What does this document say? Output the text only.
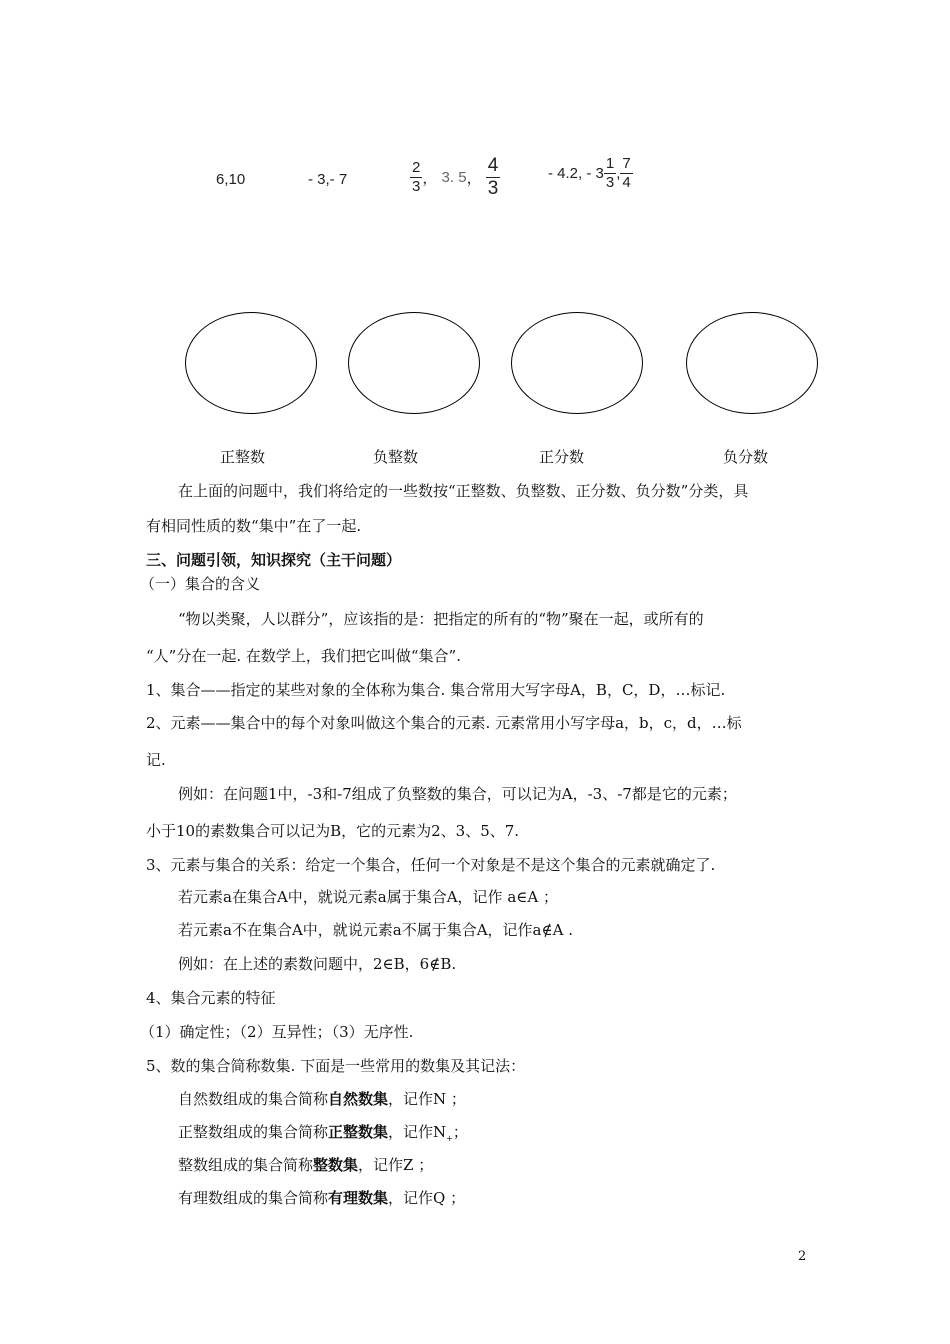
6,10	- 3,- 7	$\frac{2}{3}$ ， 3. 5， $\frac{4}{3}$	- 4.2, - $3 \frac{1}{3}$ , $\frac{7}{4}$
正整数	负整数	正分数	负分数
在上面的问题中，我们将给定的一些数按“正整数、负整数、正分数、负分数”分类，具
有相同性质的数“集中”在了一起.
三、问题引领，知识探究（主干问题）
（一）集合的含义
“物以类聚，人以群分”，应该指的是：把指定的所有的“物”聚在一起，或所有的
“人”分在一起. 在数学上，我们把它叫做“集合”.
1、集合——指定的某些对象的全体称为集合. 集合常用大写字母A，B，C，D，…标记.
2、元素——集合中的每个对象叫做这个集合的元素. 元素常用小写字母a，b，c，d，…标
记.
例如：在问题1中，-3和-7组成了负整数的集合，可以记为A，-3、-7都是它的元素；
小于10的素数集合可以记为B，它的元素为2、3、5、7.
3、元素与集合的关系：给定一个集合，任何一个对象是不是这个集合的元素就确定了.
若元素a在集合A中，就说元素a属于集合A，记作 a∈A ；
若元素a不在集合A中，就说元素a不属于集合A，记作a∉A .
例如：在上述的素数问题中，2∈B，6∉B.
4、集合元素的特征
（1）确定性；（2）互异性；（3）无序性.
5、数的集合简称数集. 下面是一些常用的数集及其记法：
自然数组成的集合简称自然数集，记作N ；
正整数组成的集合简称正整数集，记作$N_+$；
整数组成的集合简称整数集，记作Z ；
有理数组成的集合简称有理数集，记作Q ；
2
